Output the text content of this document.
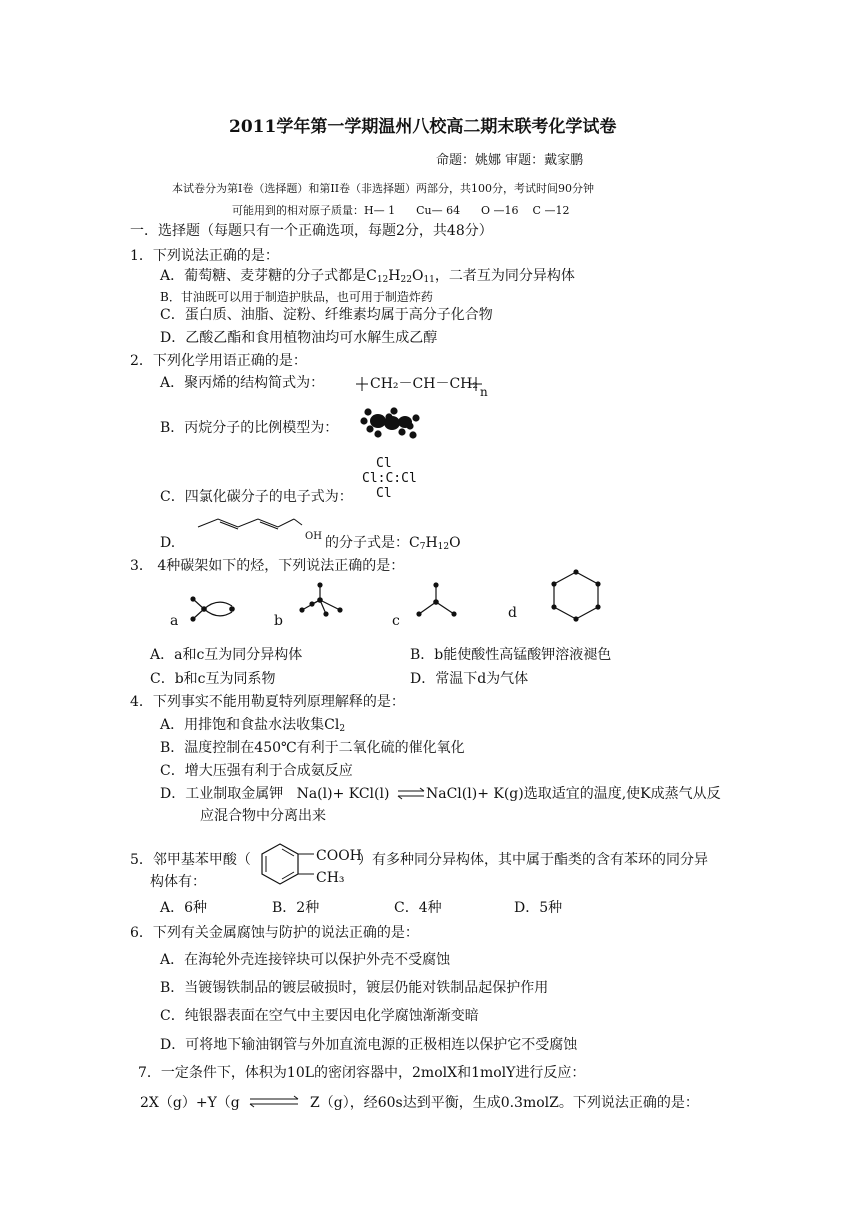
2011学年第一学期温州八校高二期末联考化学试卷
命题：姚娜 审题：戴家鹏
本试卷分为第I卷（选择题）和第II卷（非选择题）两部分，共100分，考试时间90分钟
可能用到的相对原子质量：H— 1      Cu— 64      O —16    C —12
一．选择题（每题只有一个正确选项，每题2分，共48分）
1．下列说法正确的是：
A．葡萄糖、麦芽糖的分子式都是$C_{12}H_{22}O_{11}$，二者互为同分异构体
B．甘油既可以用于制造护肤品，也可用于制造炸药
C．蛋白质、油脂、淀粉、纤维素均属于高分子化合物
D．乙酸乙酯和食用植物油均可水解生成乙醇
2．下列化学用语正确的是：
A．聚丙烯的结构简式为：	CH₂－CH－CH₂ n
B．丙烷分子的比例模型为：
C．四氯化碳分子的电子式为：
Cl
Cl:C:Cl
Cl
D.	OH 的分子式是：$C_7H_{12}O$
3． 4种碳架如下的烃，下列说法正确的是：
a	b	c	d
A．a和c互为同分异构体	B．b能使酸性高锰酸钾溶液褪色
C．b和c互为同系物	D．常温下d为气体
4．下列事实不能用勒夏特列原理解释的是：
A．用排饱和食盐水法收集$Cl_2$
B．温度控制在450℃有利于二氧化硫的催化氧化
C．增大压强有利于合成氨反应
D．工业制取金属钾   Na(l)+ KCl(l) ⇌ NaCl(l)+ K(g)选取适宜的温度,使K成蒸气从反
应混合物中分离出来
5．邻甲基苯甲酸（	COOH
CH₃
）有多种同分异构体，其中属于酯类的含有苯环的同分异
构体有：
A．6种	B．2种	C．4种	D．5种
6．下列有关金属腐蚀与防护的说法正确的是：
A．在海轮外壳连接锌块可以保护外壳不受腐蚀
B．当镀锡铁制品的镀层破损时，镀层仍能对铁制品起保护作用
C．纯银器表面在空气中主要因电化学腐蚀渐渐变暗
D．可将地下输油钢管与外加直流电源的正极相连以保护它不受腐蚀
7．一定条件下，体积为10L的密闭容器中，2molX和1molY进行反应：
2X（g）+Y（g	Z（g），经60s达到平衡，生成0.3molZ。下列说法正确的是：
